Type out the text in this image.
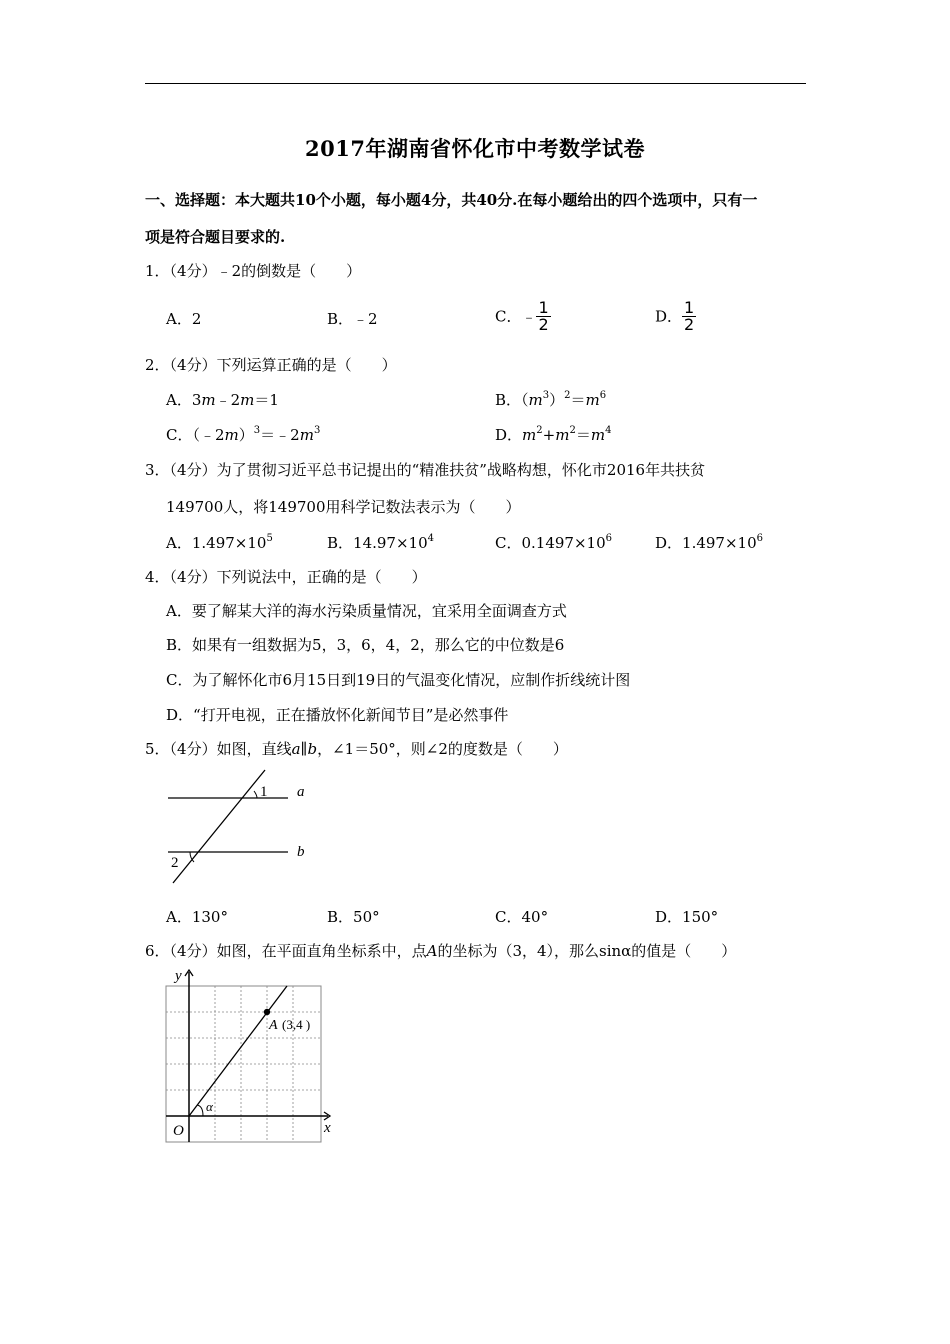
2017年湖南省怀化市中考数学试卷
一、选择题：本大题共10个小题，每小题4分，共40分.在每小题给出的四个选项中，只有一
项是符合题目要求的.
1．（4分）﹣2的倒数是（　　）
A．2	B．﹣2	C．﹣ $\frac{1}{2}$	D． $\frac{1}{2}$
2．（4分）下列运算正确的是（　　）
A．3m﹣2m＝1	B．$(m^3)^2=m^6$
C．$(﹣2m)^3=﹣2m^3$	D．$m^2+m^2=m^4$
3．（4分）为了贯彻习近平总书记提出的“精准扶贫”战略构想，怀化市2016年共扶贫
149700人，将149700用科学记数法表示为（　　）
A．$1.497\times 10^5$	B．$14.97\times 10^4$	C．$0.1497\times 10^6$	D．$1.497\times 10^6$
4．（4分）下列说法中，正确的是（　　）
A．要了解某大洋的海水污染质量情况，宜采用全面调查方式
B．如果有一组数据为5，3，6，4，2，那么它的中位数是6
C．为了解怀化市6月15日到19日的气温变化情况，应制作折线统计图
D．“打开电视，正在播放怀化新闻节目”是必然事件
5．（4分）如图，直线a∥b，∠1＝50°，则∠2的度数是（　　）
1
2
a
b
A．130°	B．50°	C．40°	D．150°
6．（4分）如图，在平面直角坐标系中，点A的坐标为（3，4），那么sinα的值是（　　）
y
x
O
α
A (3,4 )
